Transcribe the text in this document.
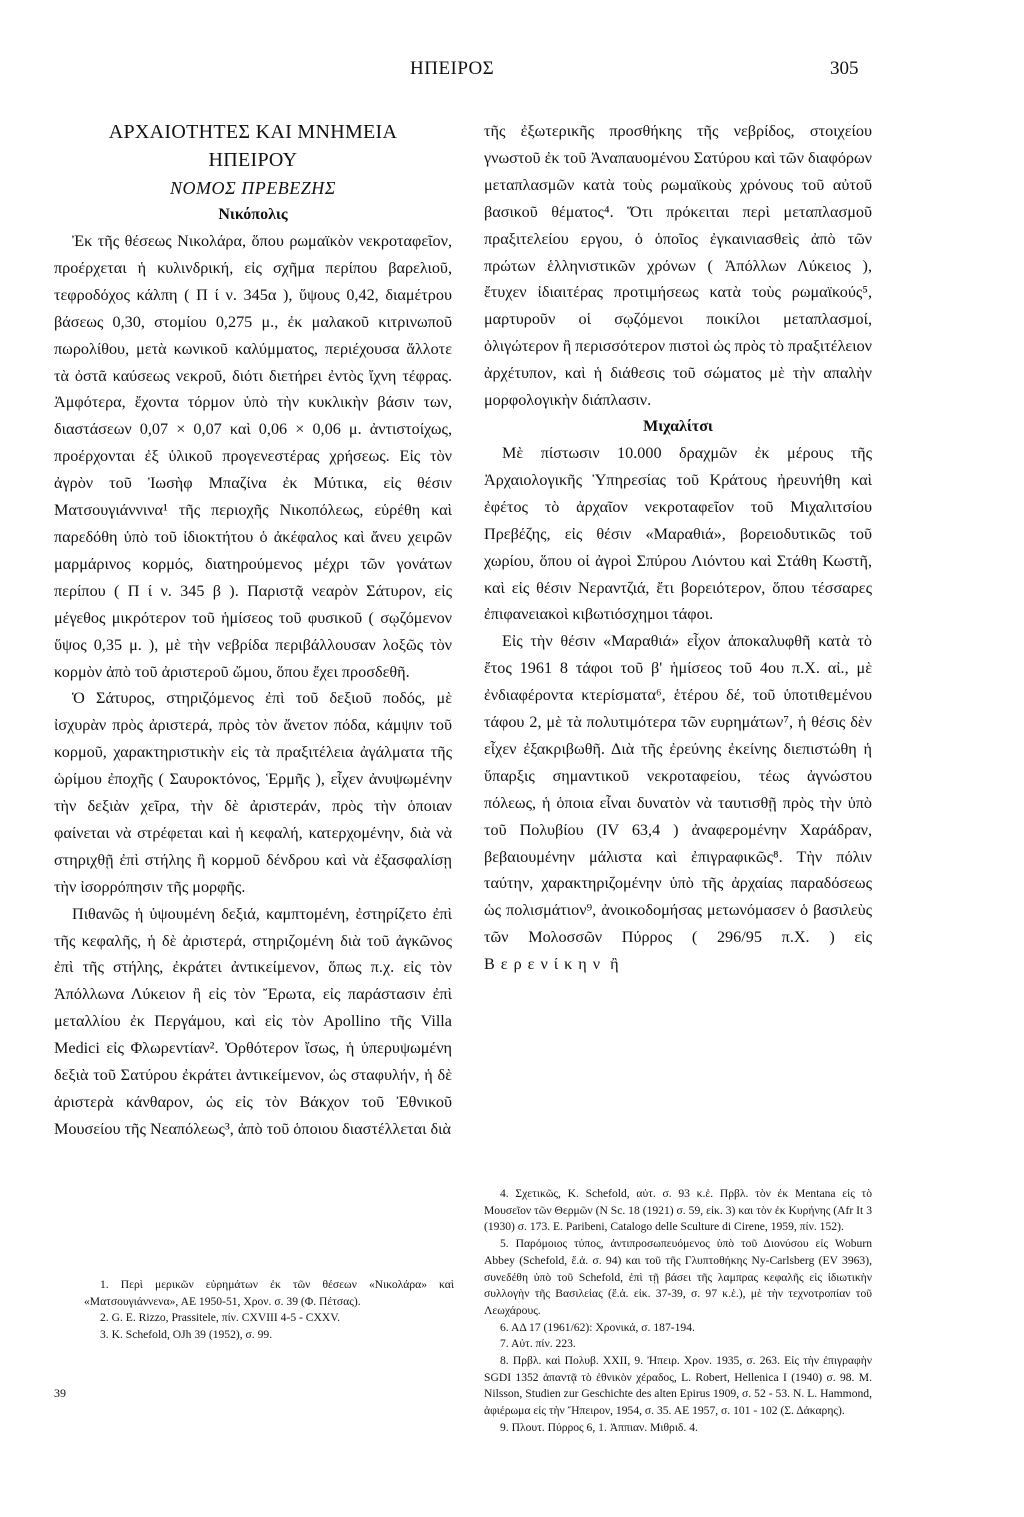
ΗΠΕΙΡΟΣ	305

ΑΡΧΑΙΟΤΗΤΕΣ ΚΑΙ ΜΝΗΜΕΙΑ

ΗΠΕΙΡΟΥ

ΝΟΜΟΣ ΠΡΕΒΕΖΗΣ

Νικόπολις

Ἐκ τῆς θέσεως Νικολάρα, ὅπου ρωμαϊκὸν νεκροταφεῖον, προέρχεται ἡ κυλινδρική, εἰς σχῆμα περίπου βαρελιοῦ, τεφροδόχος κάλπη ( Π ί ν. 345α ), ὕψους 0,42, διαμέτρου βάσεως 0,30, στομίου 0,275 μ., ἐκ μαλακοῦ κιτρινωποῦ πωρολίθου, μετὰ κωνικοῦ καλύμματος, περιέχουσα ἄλλοτε τὰ ὀστᾶ καύσεως νεκροῦ, διότι διετήρει ἐντὸς ἴχνη τέφρας. Ἀμφότερα, ἔχοντα τόρμον ὑπὸ τὴν κυκλικὴν βάσιν των, διαστάσεων 0,07 × 0,07 καὶ 0,06 × 0,06 μ. ἀντιστοίχως, προέρχονται ἐξ ὑλικοῦ προγενεστέρας χρήσεως. Εἰς τὸν ἀγρὸν τοῦ Ἰωσὴφ Μπαζίνα ἐκ Μύτικα, εἰς θέσιν Ματσουγιάννινα¹ τῆς περιοχῆς Νικοπόλεως, εὑρέθη καὶ παρεδόθη ὑπὸ τοῦ ἰδιοκτήτου ὁ ἀκέφαλος καὶ ἄνευ χειρῶν μαρμάρινος κορμός, διατηρούμενος μέχρι τῶν γονάτων περίπου ( Π ί ν. 345 β ). Παριστᾷ νεαρὸν Σάτυρον, εἰς μέγεθος μικρότερον τοῦ ἡμίσεος τοῦ φυσικοῦ ( σῳζόμενον ὕψος 0,35 μ. ), μὲ τὴν νεβρίδα περιβάλλουσαν λοξῶς τὸν κορμὸν ἀπὸ τοῦ ἀριστεροῦ ὤμου, ὅπου ἔχει προσδεθῆ.

Ὁ Σάτυρος, στηριζόμενος ἐπὶ τοῦ δεξιοῦ ποδός, μὲ ἰσχυρὰν πρὸς ἀριστερά, πρὸς τὸν ἄνετον πόδα, κάμψιν τοῦ κορμοῦ, χαρακτηριστικὴν εἰς τὰ πραξιτέλεια ἀγάλματα τῆς ὡρίμου ἐποχῆς ( Σαυροκτόνος, Ἑρμῆς ), εἶχεν ἀνυψωμένην τὴν δεξιὰν χεῖρα, τὴν δὲ ἀριστεράν, πρὸς τὴν ὁποιαν φαίνεται νὰ στρέφεται καὶ ἡ κεφαλή, κατερχομένην, διὰ νὰ στηριχθῇ ἐπὶ στήλης ἢ κορμοῦ δένδρου καὶ νὰ ἐξασφαλίσῃ τὴν ἰσορρόπησιν τῆς μορφῆς.

Πιθανῶς ἡ ὑψουμένη δεξιά, καμπτομένη, ἐστηρίζετο ἐπὶ τῆς κεφαλῆς, ἡ δὲ ἀριστερά, στηριζομένη διὰ τοῦ ἀγκῶνος ἐπὶ τῆς στήλης, ἐκράτει ἀντικείμενον, ὅπως π.χ. εἰς τὸν Ἀπόλλωνα Λύκειον ἢ εἰς τὸν Ἔρωτα, εἰς παράστασιν ἐπὶ μεταλλίου ἐκ Περγάμου, καὶ εἰς τὸν Apollino τῆς Villa Medici εἰς Φλωρεντίαν². Ὀρθότερον ἴσως, ἡ ὑπερυψωμένη δεξιὰ τοῦ Σατύρου ἐκράτει ἀντικείμενον, ὡς σταφυλήν, ἡ δὲ ἀριστερὰ κάνθαρον, ὡς εἰς τὸν Βάκχον τοῦ Ἐθνικοῦ Μουσείου τῆς Νεαπόλεως³, ἀπὸ τοῦ ὁποιου διαστέλλεται διὰ

1. Περὶ μερικῶν εὑρημάτων ἐκ τῶν θέσεων «Νικολάρα» καὶ «Ματσουγιάννενα», ΑΕ 1950-51, Χρον. σ. 39 (Φ. Πέτσας).

2. G. E. Rizzo, Prassitele, πίν. CXVIII 4-5 - CXXV.

3. K. Schefold, OJh 39 (1952), σ. 99.

39

τῆς ἐξωτερικῆς προσθήκης τῆς νεβρίδος, στοιχείου γνωστοῦ ἐκ τοῦ Ἀναπαυομένου Σατύρου καὶ τῶν διαφόρων μεταπλασμῶν κατὰ τοὺς ρωμαϊκοὺς χρόνους τοῦ αὐτοῦ βασικοῦ θέματος⁴. Ὅτι πρόκειται περὶ μεταπλασμοῦ πραξιτελείου εργου, ὁ ὁποῖος ἐγκαινιασθεὶς ἀπὸ τῶν πρώτων ἑλληνιστικῶν χρόνων ( Ἀπόλλων Λύκειος ), ἔτυχεν ἰδιαιτέρας προτιμήσεως κατὰ τοὺς ρωμαϊκούς⁵, μαρτυροῦν οἱ σῳζόμενοι ποικίλοι μεταπλασμοί, ὀλιγώτερον ἢ περισσότερον πιστοὶ ὡς πρὸς τὸ πραξιτέλειον ἀρχέτυπον, καὶ ἡ διάθεσις τοῦ σώματος μὲ τὴν απαλὴν μορφολογικὴν διάπλασιν.

Μιχαλίτσι

Μὲ πίστωσιν 10.000 δραχμῶν ἐκ μέρους τῆς Ἀρχαιολογικῆς Ὑπηρεσίας τοῦ Κράτους ἠρευνήθη καὶ ἐφέτος τὸ ἀρχαῖον νεκροταφεῖον τοῦ Μιχαλιτσίου Πρεβέζης, εἰς θέσιν «Μαραθιά», βορειοδυτικῶς τοῦ χωρίου, ὅπου οἱ ἀγροὶ Σπύρου Λιόντου καὶ Στάθη Κωστῆ, καὶ εἰς θέσιν Νεραντζιά, ἔτι βορειότερον, ὅπου τέσσαρες ἐπιφανειακοὶ κιβωτιόσχημοι τάφοι.

Εἰς τὴν θέσιν «Μαραθιά» εἶχον ἀποκαλυφθῆ κατὰ τὸ ἔτος 1961 8 τάφοι τοῦ β' ἡμίσεος τοῦ 4ου π.Χ. αἰ., μὲ ἐνδιαφέροντα κτερίσματα⁶, ἑτέρου δέ, τοῦ ὑποτιθεμένου τάφου 2, μὲ τὰ πολυτιμότερα τῶν ευρημάτων⁷, ἡ θέσις δὲν εἶχεν ἐξακριβωθῆ. Διὰ τῆς ἐρεύνης ἐκείνης διεπιστώθη ἡ ὕπαρξις σημαντικοῦ νεκροταφείου, τέως ἀγνώστου πόλεως, ἡ ὁποια εἶναι δυνατὸν νὰ ταυτισθῇ πρὸς τὴν ὑπὸ τοῦ Πολυβίου (IV 63,4 ) ἀναφερομένην Χαράδραν, βεβαιουμένην μάλιστα καὶ ἐπιγραφικῶς⁸. Τὴν πόλιν ταύτην, χαρακτηριζομένην ὑπὸ τῆς ἀρχαίας παραδόσεως ὡς πολισμάτιον⁹, ἀνοικοδομήσας μετωνόμασεν ὁ βασιλεὺς τῶν Μολοσσῶν Πύρρος ( 296/95 π.Χ. ) εἰς Βερενίκην ἢ

4. Σχετικῶς, K. Schefold, αὐτ. σ. 93 κ.ἑ. Πρβλ. τὸν ἐκ Mentana εἰς τὸ Μουσεῖον τῶν Θερμῶν (N Sc. 18 (1921) σ. 59, εἰκ. 3) και τὸν ἐκ Κυρήνης (Afr It 3 (1930) σ. 173. E. Paribeni, Catalogo delle Sculture di Cirene, 1959, πίν. 152).

5. Παρόμοιος τύπος, ἀντιπροσωπευόμενος ὑπὸ τοῦ Διονύσου εἰς Woburn Abbey (Schefold, ἔ.ἀ. σ. 94) και τοῦ τῆς Γλυπτοθήκης Ny-Carlsberg (EV 3963), συνεδέθη ὑπὸ τοῦ Schefold, ἐπὶ τῇ βάσει τῆς λαμπρας κεφαλῆς εἰς ἰδιωτικὴν συλλογὴν τῆς Βασιλεἰας (ἔ.ἀ. εἰκ. 37-39, σ. 97 κ.ἑ.), μὲ τὴν τεχνοτροπίαν τοῦ Λεωχάρους.

6. ΑΔ 17 (1961/62): Χρονικά, σ. 187-194.

7. Αὐτ. πίν. 223.

8. Πρβλ. καὶ Πολυβ. XXII, 9. Ἠπειρ. Χρον. 1935, σ. 263. Εἰς τὴν ἐπιγραφὴν SGDI 1352 ἀπαντᾷ τὸ ἐθνικὸν χέραδος, L. Robert, Hellenica I (1940) σ. 98. M. Nilsson, Studien zur Geschichte des alten Epirus 1909, σ. 52 - 53. N. L. Hammond, ἀφιέρωμα εἰς τὴν Ἤπειρον, 1954, σ. 35. ΑΕ 1957, σ. 101 - 102 (Σ. Δάκαρης).

9. Πλουτ. Πύρρος 6, 1. Ἀππιαν. Μιθριδ. 4.
